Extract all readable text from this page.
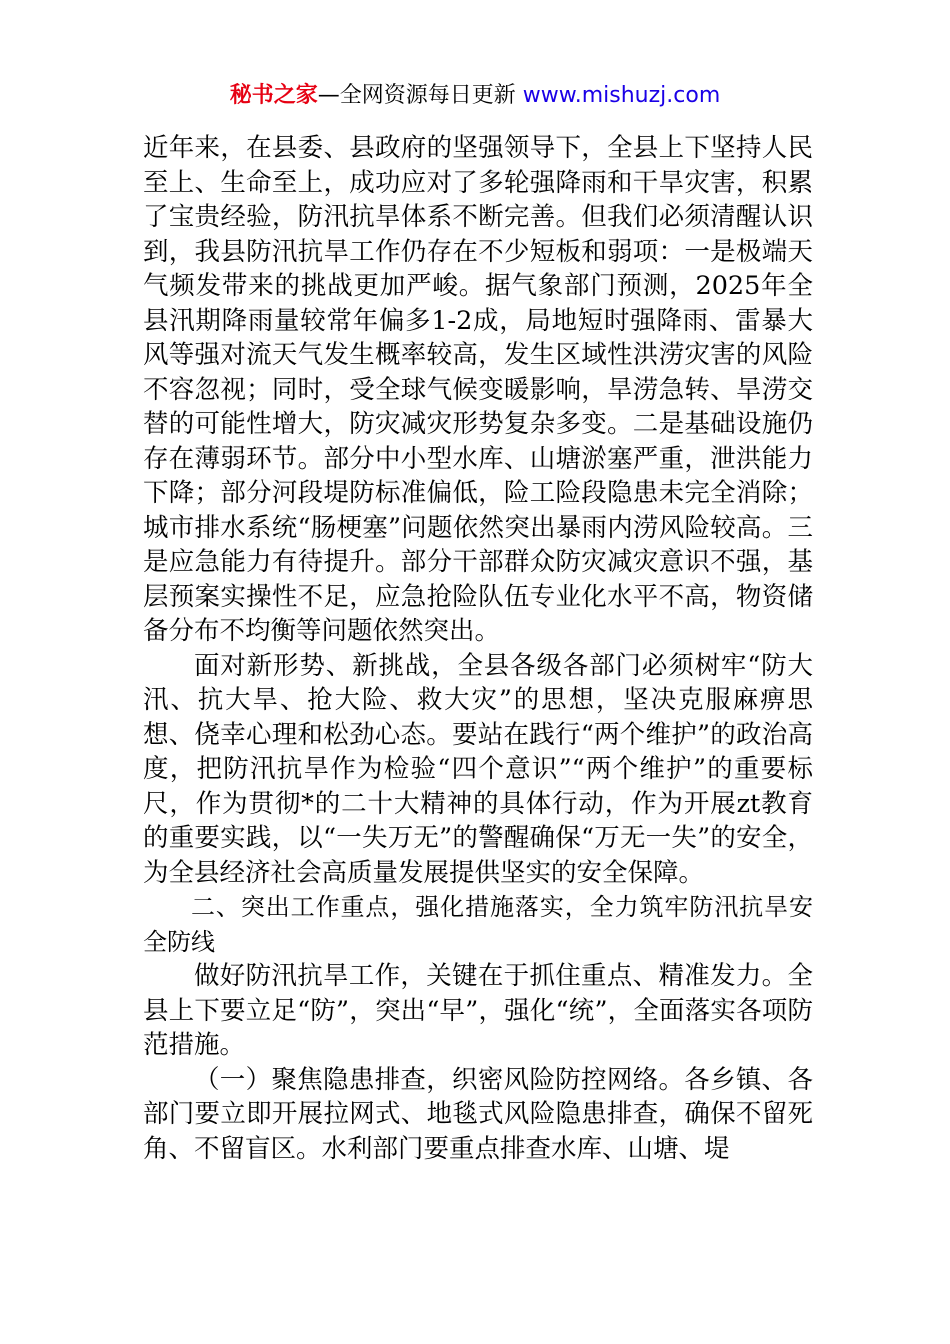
秘书之家—全网资源每日更新 www.mishuzj.com

近年来，在县委、县政府的坚强领导下，全县上下坚持人民至上、生命至上，成功应对了多轮强降雨和干旱灾害，积累了宝贵经验，防汛抗旱体系不断完善。但我们必须清醒认识到，我县防汛抗旱工作仍存在不少短板和弱项：一是极端天气频发带来的挑战更加严峻。据气象部门预测，2025年全县汛期降雨量较常年偏多1-2成，局地短时强降雨、雷暴大风等强对流天气发生概率较高，发生区域性洪涝灾害的风险不容忽视；同时，受全球气候变暖影响，旱涝急转、旱涝交替的可能性增大，防灾减灾形势复杂多变。二是基础设施仍存在薄弱环节。部分中小型水库、山塘淤塞严重，泄洪能力下降；部分河段堤防标准偏低，险工险段隐患未完全消除；城市排水系统“肠梗塞”问题依然突出暴雨内涝风险较高。三是应急能力有待提升。部分干部群众防灾减灾意识不强，基层预案实操性不足，应急抢险队伍专业化水平不高，物资储备分布不均衡等问题依然突出。

面对新形势、新挑战，全县各级各部门必须树牢“防大汛、抗大旱、抢大险、救大灾”的思想，坚决克服麻痹思想、侥幸心理和松劲心态。要站在践行“两个维护”的政治高度，把防汛抗旱作为检验“四个意识”“两个维护”的重要标尺，作为贯彻*的二十大精神的具体行动，作为开展zt教育的重要实践，以“一失万无”的警醒确保“万无一失”的安全，为全县经济社会高质量发展提供坚实的安全保障。

二、突出工作重点，强化措施落实，全力筑牢防汛抗旱安全防线

做好防汛抗旱工作，关键在于抓住重点、精准发力。全县上下要立足“防”，突出“早”，强化“统”，全面落实各项防范措施。

（一）聚焦隐患排查，织密风险防控网络。各乡镇、各部门要立即开展拉网式、地毯式风险隐患排查，确保不留死角、不留盲区。水利部门要重点排查水库、山塘、堤
